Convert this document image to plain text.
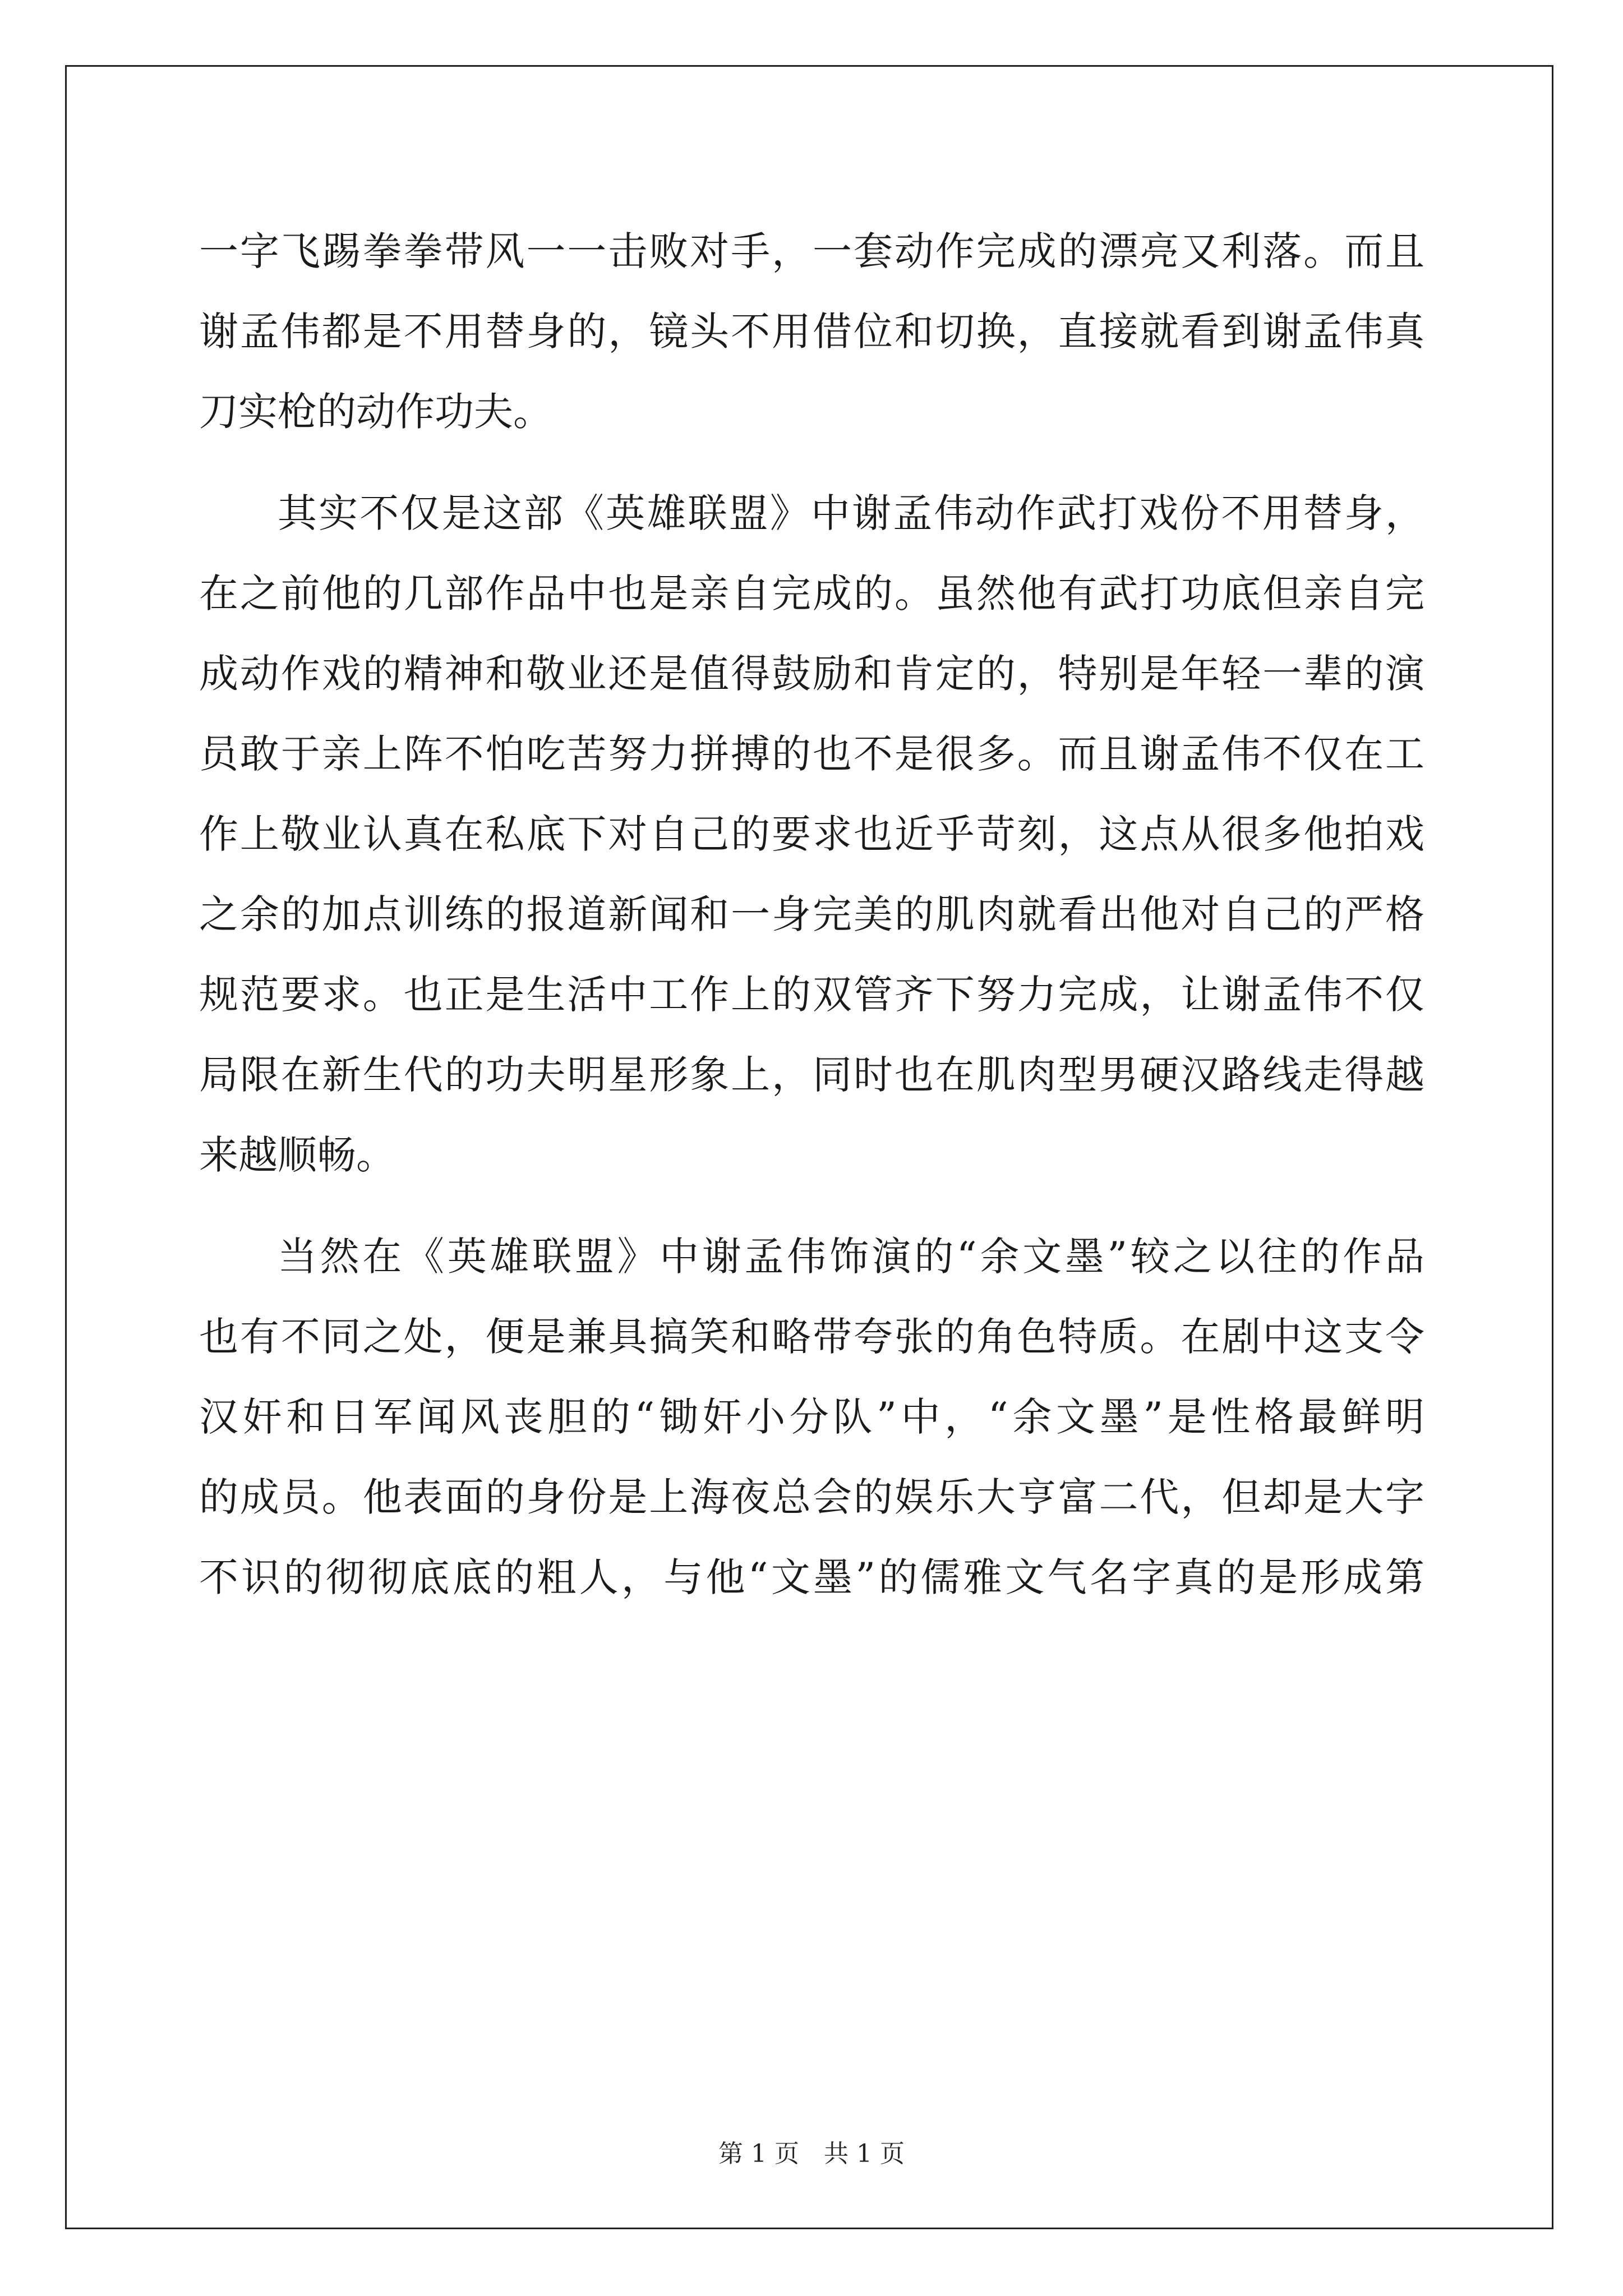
一字飞踢拳拳带风一一击败对手，一套动作完成的漂亮又利落。而且
谢孟伟都是不用替身的，镜头不用借位和切换，直接就看到谢孟伟真
刀实枪的动作功夫。

其实不仅是这部《英雄联盟》中谢孟伟动作武打戏份不用替身，
在之前他的几部作品中也是亲自完成的。虽然他有武打功底但亲自完
成动作戏的精神和敬业还是值得鼓励和肯定的，特别是年轻一辈的演
员敢于亲上阵不怕吃苦努力拼搏的也不是很多。而且谢孟伟不仅在工
作上敬业认真在私底下对自己的要求也近乎苛刻，这点从很多他拍戏
之余的加点训练的报道新闻和一身完美的肌肉就看出他对自己的严格
规范要求。也正是生活中工作上的双管齐下努力完成，让谢孟伟不仅
局限在新生代的功夫明星形象上，同时也在肌肉型男硬汉路线走得越
来越顺畅。

当然在《英雄联盟》中谢孟伟饰演的“余文墨”较之以往的作品
也有不同之处，便是兼具搞笑和略带夸张的角色特质。在剧中这支令
汉奸和日军闻风丧胆的“锄奸小分队”中，“余文墨”是性格最鲜明
的成员。他表面的身份是上海夜总会的娱乐大亨富二代，但却是大字
不识的彻彻底底的粗人，与他“文墨”的儒雅文气名字真的是形成第

第 1 页　共 1 页
